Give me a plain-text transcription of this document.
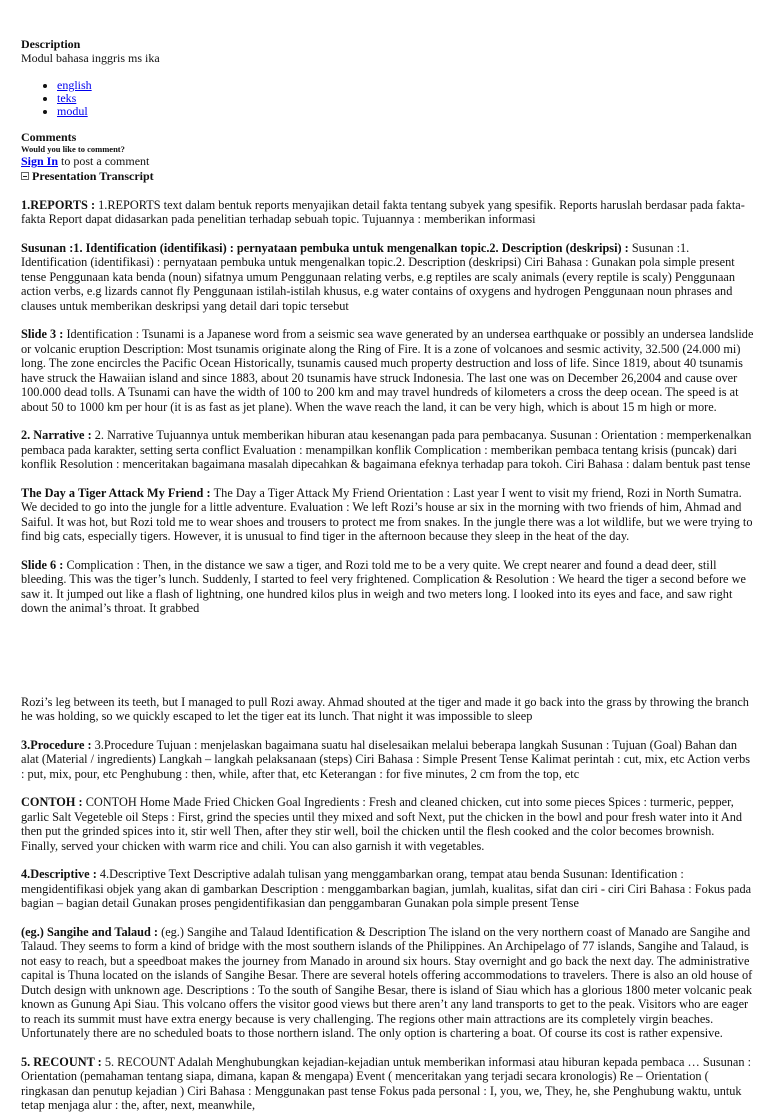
Description

Modul bahasa inggris ms ika

• english
• teks
• modul

Comments

Would you like to comment?

Sign In to post a comment

Presentation Transcript

1.REPORTS : 1.REPORTS text dalam bentuk reports menyajikan detail fakta tentang subyek yang spesifik. Reports haruslah berdasar pada fakta-fakta Report dapat didasarkan pada penelitian terhadap sebuah topic. Tujuannya : memberikan informasi

Susunan :1. Identification (identifikasi) : pernyataan pembuka untuk mengenalkan topic.2. Description (deskripsi) : Susunan :1. Identification (identifikasi) : pernyataan pembuka untuk mengenalkan topic.2. Description (deskripsi) Ciri Bahasa : Gunakan pola simple present tense Penggunaan kata benda (noun) sifatnya umum Penggunaan relating verbs, e.g reptiles are scaly animals (every reptile is scaly) Penggunaan action verbs, e.g lizards cannot fly Penggunaan istilah-istilah khusus, e.g water contains of oxygens and hydrogen Penggunaan noun phrases and clauses untuk memberikan deskripsi yang detail dari topic tersebut

Slide 3 : Identification : Tsunami is a Japanese word from a seismic sea wave generated by an undersea earthquake or possibly an undersea landslide or volcanic eruption Description: Most tsunamis originate along the Ring of Fire. It is a zone of volcanoes and sesmic activity, 32.500 (24.000 mi) long. The zone encircles the Pacific Ocean Historically, tsunamis caused much property destruction and loss of life. Since 1819, about 40 tsunamis have struck the Hawaiian island and since 1883, about 20 tsunamis have struck Indonesia. The last one was on December 26,2004 and cause over 100.000 dead tolls. A Tsunami can have the width of 100 to 200 km and may travel hundreds of kilometers a cross the deep ocean. The speed is at about 50 to 1000 km per hour (it is as fast as jet plane). When the wave reach the land, it can be very high, which is about 15 m high or more.

2. Narrative : 2. Narrative Tujuannya untuk memberikan hiburan atau kesenangan pada para pembacanya. Susunan : Orientation : memperkenalkan pembaca pada karakter, setting serta conflict Evaluation : menampilkan konflik Complication : memberikan pembaca tentang krisis (puncak) dari konflik Resolution : menceritakan bagaimana masalah dipecahkan & bagaimana efeknya terhadap para tokoh. Ciri Bahasa : dalam bentuk past tense

The Day a Tiger Attack My Friend : The Day a Tiger Attack My Friend Orientation : Last year I went to visit my friend, Rozi in North Sumatra. We decided to go into the jungle for a little adventure. Evaluation : We left Rozi’s house ar six in the morning with two friends of him, Ahmad and Saiful. It was hot, but Rozi told me to wear shoes and trousers to protect me from snakes. In the jungle there was a lot wildlife, but we were trying to find big cats, especially tigers. However, it is unusual to find tiger in the afternoon because they sleep in the heat of the day.

Slide 6 : Complication : Then, in the distance we saw a tiger, and Rozi told me to be a very quite. We crept nearer and found a dead deer, still bleeding. This was the tiger’s lunch. Suddenly, I started to feel very frightened. Complication & Resolution : We heard the tiger a second before we saw it. It jumped out like a flash of lightning, one hundred kilos plus in weigh and two meters long. I looked into its eyes and face, and saw right down the animal’s throat. It grabbed

Rozi’s leg between its teeth, but I managed to pull Rozi away. Ahmad shouted at the tiger and made it go back into the grass by throwing the branch he was holding, so we quickly escaped to let the tiger eat its lunch. That night it was impossible to sleep

3.Procedure : 3.Procedure Tujuan : menjelaskan bagaimana suatu hal diselesaikan melalui beberapa langkah Susunan : Tujuan (Goal) Bahan dan alat (Material / ingredients) Langkah – langkah pelaksanaan (steps) Ciri Bahasa : Simple Present Tense Kalimat perintah : cut, mix, etc Action verbs : put, mix, pour, etc Penghubung : then, while, after that, etc Keterangan : for five minutes, 2 cm from the top, etc

CONTOH : CONTOH Home Made Fried Chicken Goal Ingredients : Fresh and cleaned chicken, cut into some pieces Spices : turmeric, pepper, garlic Salt Vegeteble oil Steps : First, grind the species until they mixed and soft Next, put the chicken in the bowl and pour fresh water into it And then put the grinded spices into it, stir well Then, after they stir well, boil the chicken until the flesh cooked and the color becomes brownish. Finally, served your chicken with warm rice and chili. You can also garnish it with vegetables.

4.Descriptive : 4.Descriptive Text Descriptive adalah tulisan yang menggambarkan orang, tempat atau benda Susunan: Identification : mengidentifikasi objek yang akan di gambarkan Description : menggambarkan bagian, jumlah, kualitas, sifat dan ciri - ciri Ciri Bahasa : Fokus pada bagian – bagian detail Gunakan proses pengidentifikasian dan penggambaran Gunakan pola simple present Tense

(eg.) Sangihe and Talaud : (eg.) Sangihe and Talaud Identification & Description The island on the very northern coast of Manado are Sangihe and Talaud. They seems to form a kind of bridge with the most southern islands of the Philippines. An Archipelago of 77 islands, Sangihe and Talaud, is not easy to reach, but a speedboat makes the journey from Manado in around six hours. Stay overnight and go back the next day. The administrative capital is Thuna located on the islands of Sangihe Besar. There are several hotels offering accommodations to travelers. There is also an old house of Dutch design with unknown age. Descriptions : To the south of Sangihe Besar, there is island of Siau which has a glorious 1800 meter volcanic peak known as Gunung Api Siau. This volcano offers the visitor good views but there aren’t any land transports to get to the peak. Visitors who are eager to reach its summit must have extra energy because is very challenging. The regions other main attractions are its completely virgin beaches. Unfortunately there are no scheduled boats to those northern island. The only option is chartering a boat. Of course its cost is rather expensive.

5. RECOUNT : 5. RECOUNT Adalah Menghubungkan kejadian-kejadian untuk memberikan informasi atau hiburan kepada pembaca … Susunan : Orientation (pemahaman tentang siapa, dimana, kapan & mengapa) Event ( menceritakan yang terjadi secara kronologis) Re – Orientation ( ringkasan dan penutup kejadian ) Ciri Bahasa : Menggunakan past tense Fokus pada personal : I, you, we, They, he, she Penghubung waktu, untuk tetap menjaga alur : the, after, next, meanwhile,
